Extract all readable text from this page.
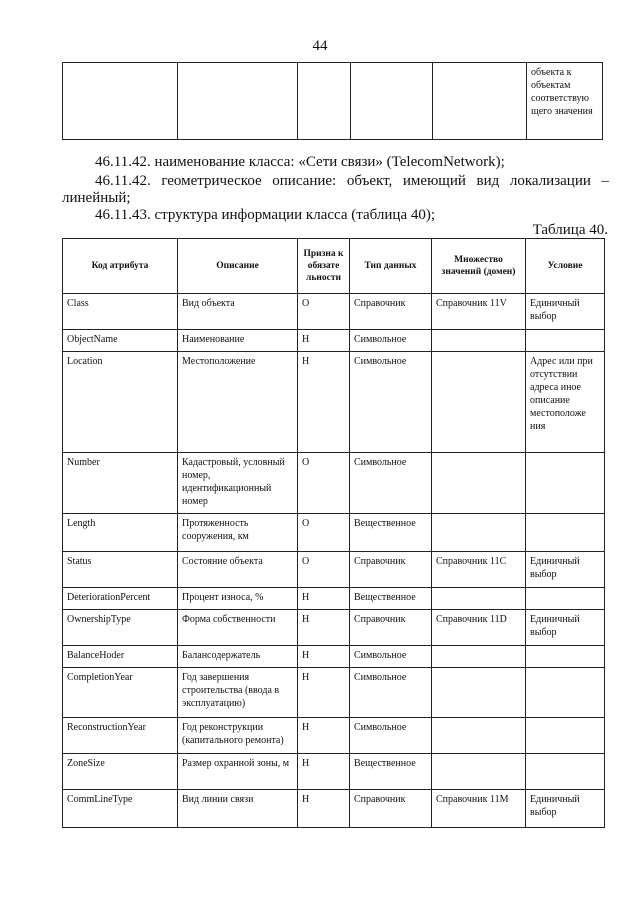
44
					объекта к объектам соответствую щего значения
46.11.42. наименование класса: «Сети связи» (TelecomNetwork);
46.11.42. геометрическое описание: объект, имеющий вид локализации –
линейный;
46.11.43. структура информации класса (таблица 40);
Таблица 40.
Код атрибута	Описание	Призна к обязате льности	Тип данных	Множество значений (домен)	Условие
Class	Вид объекта	О	Справочник	Справочник 11V	Единичный выбор
ObjectName	Наименование	Н	Символьное		
Location	Местоположение	Н	Символьное		Адрес или при отсутствии адреса иное описание местоположе ния
Number	Кадастровый, условный номер, идентификационный номер	О	Символьное		
Length	Протяженность сооружения, км	О	Вещественное		
Status	Состояние объекта	О	Справочник	Справочник 11С	Единичный выбор
DeteriorationPercent	Процент износа, %	Н	Вещественное		
OwnershipType	Форма собственности	Н	Справочник	Справочник 11D	Единичный выбор
BalanceHoder	Балансодержатель	Н	Символьное		
CompletionYear	Год завершения строительства (ввода в эксплуатацию)	Н	Символьное		
ReconstructionYear	Год реконструкции (капитального ремонта)	Н	Символьное		
ZoneSize	Размер охранной зоны, м	Н	Вещественное		
CommLineType	Вид линии связи	Н	Справочник	Справочник 11М	Единичный выбор
